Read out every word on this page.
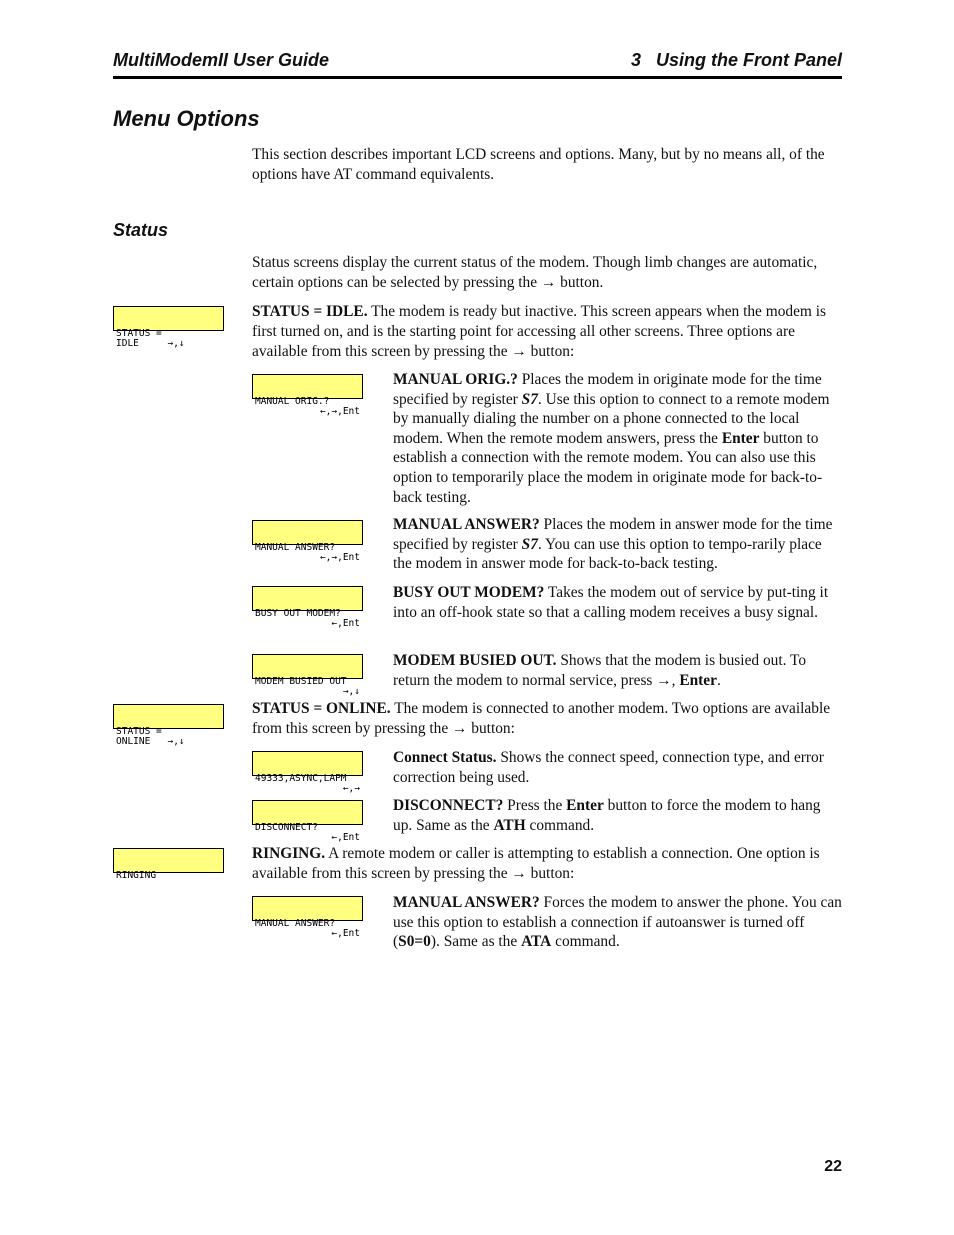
MultiModemII User Guide	3   Using the Front Panel
Menu Options

This section describes important LCD screens and options. Many, but by no means all, of the options have AT command equivalents.

Status

Status screens display the current status of the modem. Though limb changes are automatic, certain options can be selected by pressing the → button.

STATUS =
IDLE     →,↓

STATUS = IDLE. The modem is ready but inactive. This screen appears when the modem is first turned on, and is the starting point for accessing all other screens. Three options are available from this screen by pressing the → button:

MANUAL ORIG.?
←,→,Ent

MANUAL ORIG.? Places the modem in originate mode for the time specified by register S7. Use this option to connect to a remote modem by manually dialing the number on a phone connected to the local modem. When the remote modem answers, press the Enter button to establish a connection with the remote modem. You can also use this option to temporarily place the modem in originate mode for back-to-back testing.

MANUAL ANSWER?
←,→,Ent

MANUAL ANSWER? Places the modem in answer mode for the time specified by register S7. You can use this option to tempo-rarily place the modem in answer mode for back-to-back testing.

BUSY OUT MODEM?
←,Ent

BUSY OUT MODEM? Takes the modem out of service by put-ting it into an off-hook state so that a calling modem receives a busy signal.

MODEM BUSIED OUT
→,↓

MODEM BUSIED OUT. Shows that the modem is busied out. To return the modem to normal service, press →, Enter.

STATUS =
ONLINE   →,↓

STATUS = ONLINE. The modem is connected to another modem. Two options are available from this screen by pressing the → button:

49333,ASYNC,LAPM
←,→

Connect Status. Shows the connect speed, connection type, and error correction being used.

DISCONNECT?
←,Ent

DISCONNECT? Press the Enter button to force the modem to hang up. Same as the ATH command.

RINGING

RINGING. A remote modem or caller is attempting to establish a connection. One option is available from this screen by pressing the → button:

MANUAL ANSWER?
←,Ent

MANUAL ANSWER? Forces the modem to answer the phone. You can use this option to establish a connection if autoanswer is turned off (S0=0). Same as the ATA command.

22
